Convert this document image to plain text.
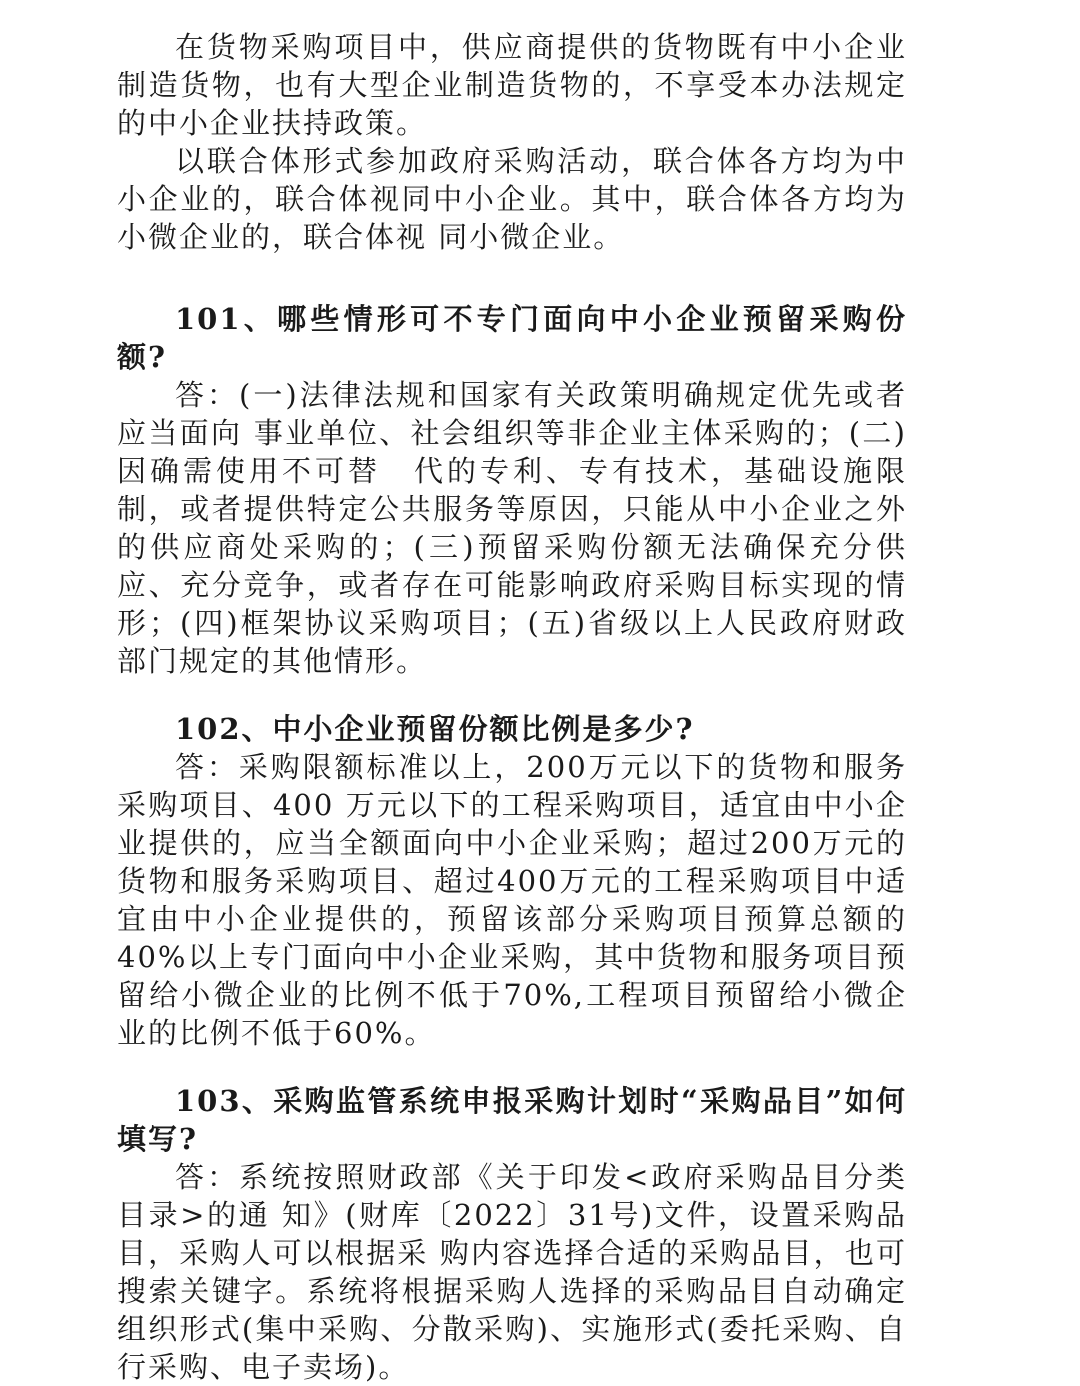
在货物采购项目中，供应商提供的货物既有中小企业制造货物，也有大型企业制造货物的，不享受本办法规定的中小企业扶持政策。

以联合体形式参加政府采购活动，联合体各方均为中小企业的，联合体视同中小企业。其中，联合体各方均为小微企业的，联合体视 同小微企业。

101、哪些情形可不专门面向中小企业预留采购份额?

答：(一)法律法规和国家有关政策明确规定优先或者应当面向 事业单位、社会组织等非企业主体采购的；(二)因确需使用不可替　代的专利、专有技术，基础设施限制，或者提供特定公共服务等原因，只能从中小企业之外的供应商处采购的；(三)预留采购份额无法确保充分供应、充分竞争，或者存在可能影响政府采购目标实现的情形；(四)框架协议采购项目；(五)省级以上人民政府财政部门规定的其他情形。

102、中小企业预留份额比例是多少?

答：采购限额标准以上，200万元以下的货物和服务采购项目、400 万元以下的工程采购项目，适宜由中小企业提供的，应当全额面向中小企业采购；超过200万元的货物和服务采购项目、超过400万元的工程采购项目中适宜由中小企业提供的，预留该部分采购项目预算总额的40%以上专门面向中小企业采购，其中货物和服务项目预留给小微企业的比例不低于70%,工程项目预留给小微企业的比例不低于60%。

103、采购监管系统申报采购计划时“采购品目”如何填写?

答：系统按照财政部《关于印发<政府采购品目分类目录>的通 知》(财库〔2022〕31号)文件，设置采购品目，采购人可以根据采 购内容选择合适的采购品目，也可搜索关键字。系统将根据采购人选择的采购品目自动确定组织形式(集中采购、分散采购)、实施形式(委托采购、自行采购、电子卖场)。
